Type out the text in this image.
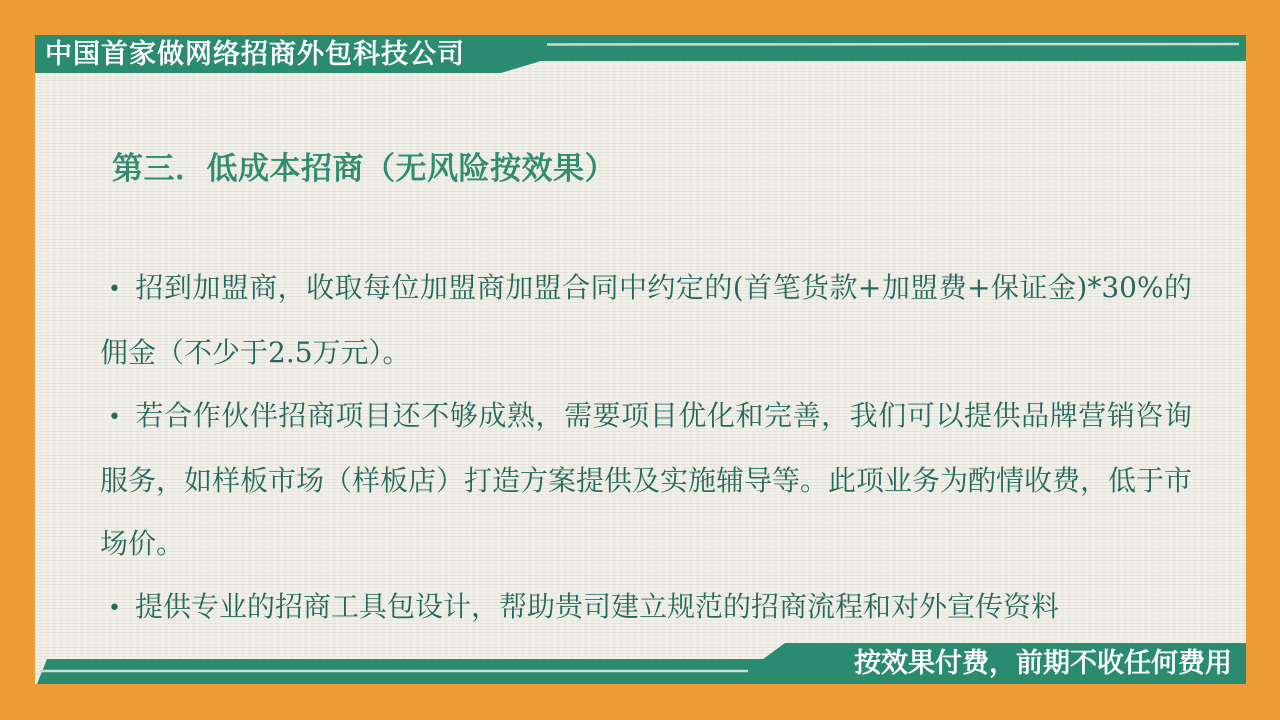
中国首家做网络招商外包科技公司
第三．低成本招商（无风险按效果）

• 招到加盟商，收取每位加盟商加盟合同中约定的(首笔货款+加盟费+保证金)*30%的佣金（不少于2.5万元）。

• 若合作伙伴招商项目还不够成熟，需要项目优化和完善，我们可以提供品牌营销咨询服务，如样板市场（样板店）打造方案提供及实施辅导等。此项业务为酌情收费，低于市场价。

• 提供专业的招商工具包设计，帮助贵司建立规范的招商流程和对外宣传资料

按效果付费，前期不收任何费用
